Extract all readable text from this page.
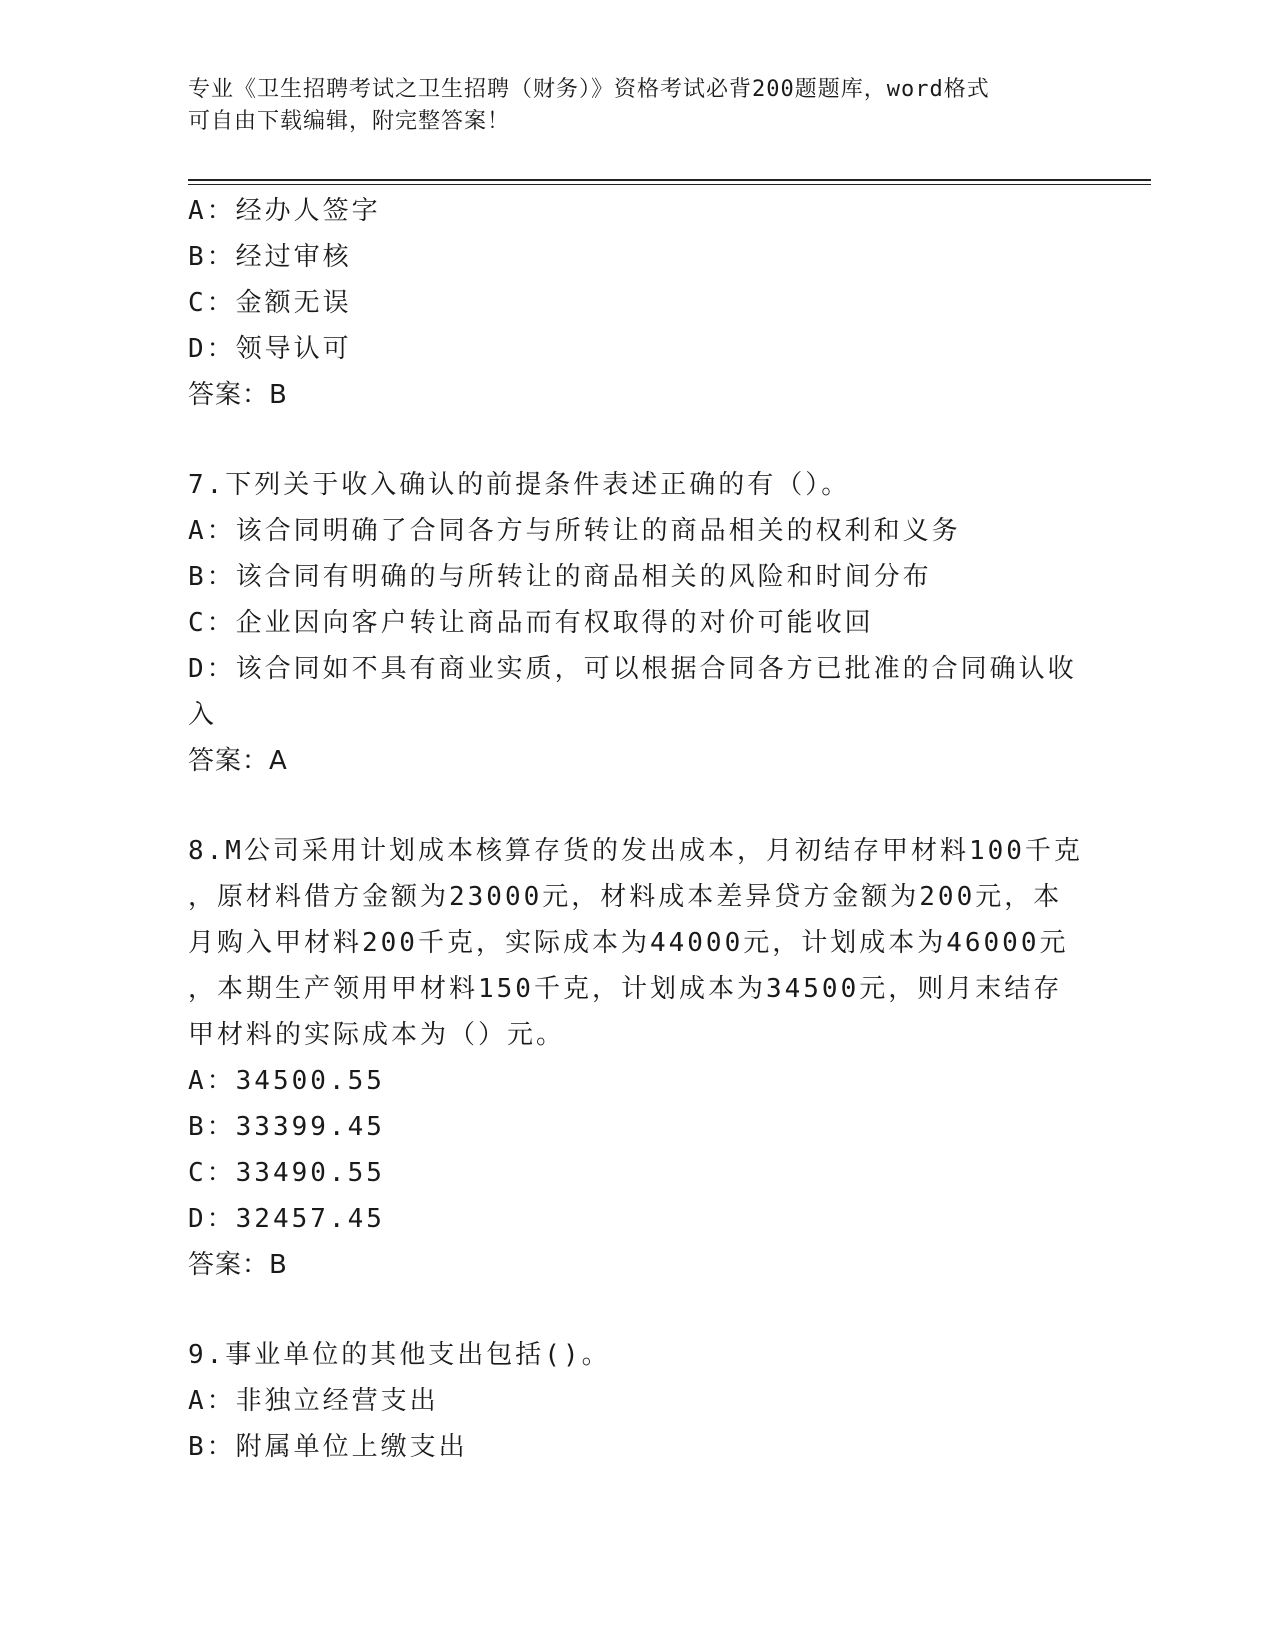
专业《卫生招聘考试之卫生招聘（财务）》资格考试必背200题题库，word格式
可自由下载编辑，附完整答案！
A：经办人签字
B：经过审核
C：金额无误
D：领导认可
答案：B
7.下列关于收入确认的前提条件表述正确的有（）。
A：该合同明确了合同各方与所转让的商品相关的权利和义务
B：该合同有明确的与所转让的商品相关的风险和时间分布
C：企业因向客户转让商品而有权取得的对价可能收回
D：该合同如不具有商业实质，可以根据合同各方已批准的合同确认收
入
答案：A
8.M公司采用计划成本核算存货的发出成本，月初结存甲材料100千克
，原材料借方金额为23000元，材料成本差异贷方金额为200元，本
月购入甲材料200千克，实际成本为44000元，计划成本为46000元
，本期生产领用甲材料150千克，计划成本为34500元，则月末结存
甲材料的实际成本为（）元。
A：34500.55
B：33399.45
C：33490.55
D：32457.45
答案：B
9.事业单位的其他支出包括()。
A：非独立经营支出
B：附属单位上缴支出
